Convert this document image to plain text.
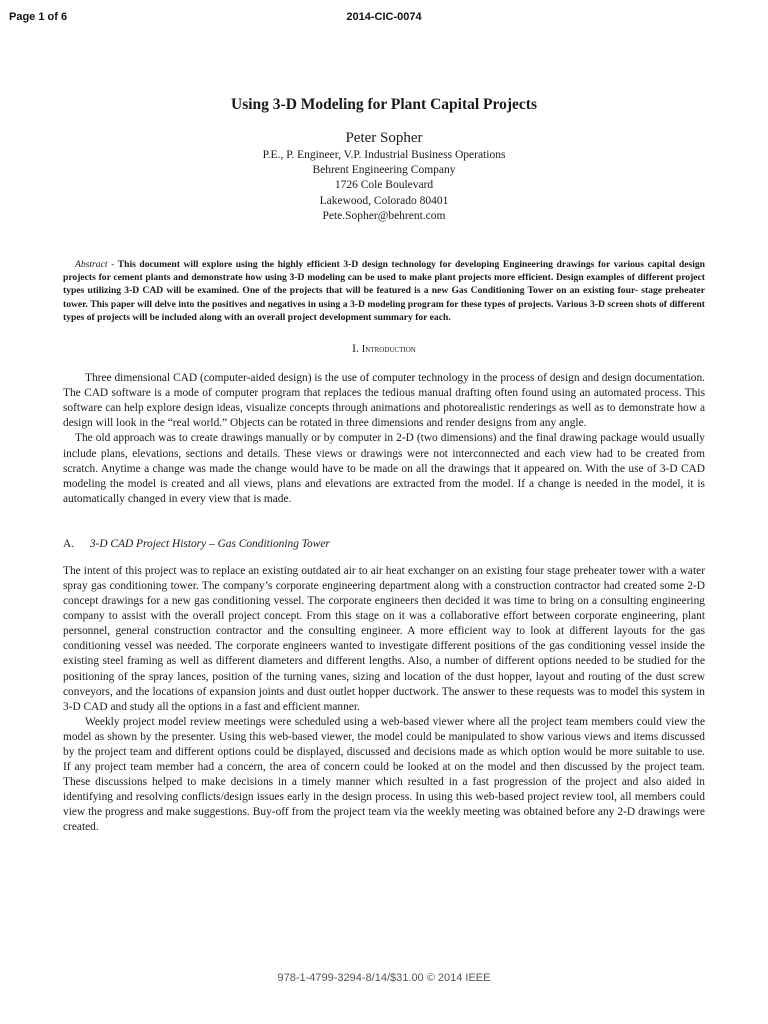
Page 1 of 6	2014-CIC-0074
Using 3-D Modeling for Plant Capital Projects
Peter Sopher
P.E., P. Engineer, V.P. Industrial Business Operations
Behrent Engineering Company
1726 Cole Boulevard
Lakewood, Colorado 80401
Pete.Sopher@behrent.com
Abstract - This document will explore using the highly efficient 3-D design technology for developing Engineering drawings for various capital design projects for cement plants and demonstrate how using 3-D modeling can be used to make plant projects more efficient. Design examples of different project types utilizing 3-D CAD will be examined. One of the projects that will be featured is a new Gas Conditioning Tower on an existing four- stage preheater tower. This paper will delve into the positives and negatives in using a 3-D modeling program for these types of projects. Various 3-D screen shots of different types of projects will be included along with an overall project development summary for each.
I. Introduction

Three dimensional CAD (computer-aided design) is the use of computer technology in the process of design and design documentation. The CAD software is a mode of computer program that replaces the tedious manual drafting often found using an automated process. This software can help explore design ideas, visualize concepts through animations and photorealistic renderings as well as to demonstrate how a design will look in the “real world.” Objects can be rotated in three dimensions and render designs from any angle.

The old approach was to create drawings manually or by computer in 2-D (two dimensions) and the final drawing package would usually include plans, elevations, sections and details. These views or drawings were not interconnected and each view had to be created from scratch. Anytime a change was made the change would have to be made on all the drawings that it appeared on. With the use of 3-D CAD modeling the model is created and all views, plans and elevations are extracted from the model. If a change is needed in the model, it is automatically changed in every view that is made.

A. 3-D CAD Project History – Gas Conditioning Tower

The intent of this project was to replace an existing outdated air to air heat exchanger on an existing four stage preheater tower with a water spray gas conditioning tower. The company’s corporate engineering department along with a construction contractor had created some 2-D concept drawings for a new gas conditioning vessel. The corporate engineers then decided it was time to bring on a consulting engineering company to assist with the overall project concept. From this stage on it was a collaborative effort between corporate engineering, plant personnel, general construction contractor and the consulting engineer. A more efficient way to look at different layouts for the gas conditioning vessel was needed. The corporate engineers wanted to investigate different positions of the gas conditioning vessel inside the existing steel framing as well as different diameters and different lengths. Also, a number of different options needed to be studied for the positioning of the spray lances, position of the turning vanes, sizing and location of the dust hopper, layout and routing of the dust screw conveyors, and the locations of expansion joints and dust outlet hopper ductwork. The answer to these requests was to model this system in 3-D CAD and study all the options in a fast and efficient manner.

Weekly project model review meetings were scheduled using a web-based viewer where all the project team members could view the model as shown by the presenter. Using this web-based viewer, the model could be manipulated to show various views and items discussed by the project team and different options could be displayed, discussed and decisions made as which option would be more suitable to use. If any project team member had a concern, the area of concern could be looked at on the model and then discussed by the project team. These discussions helped to make decisions in a timely manner which resulted in a fast progression of the project and also aided in identifying and resolving conflicts/design issues early in the design process. In using this web-based project review tool, all members could view the progress and make suggestions. Buy-off from the project team via the weekly meeting was obtained before any 2-D drawings were created.

978-1-4799-3294-8/14/$31.00 © 2014 IEEE
